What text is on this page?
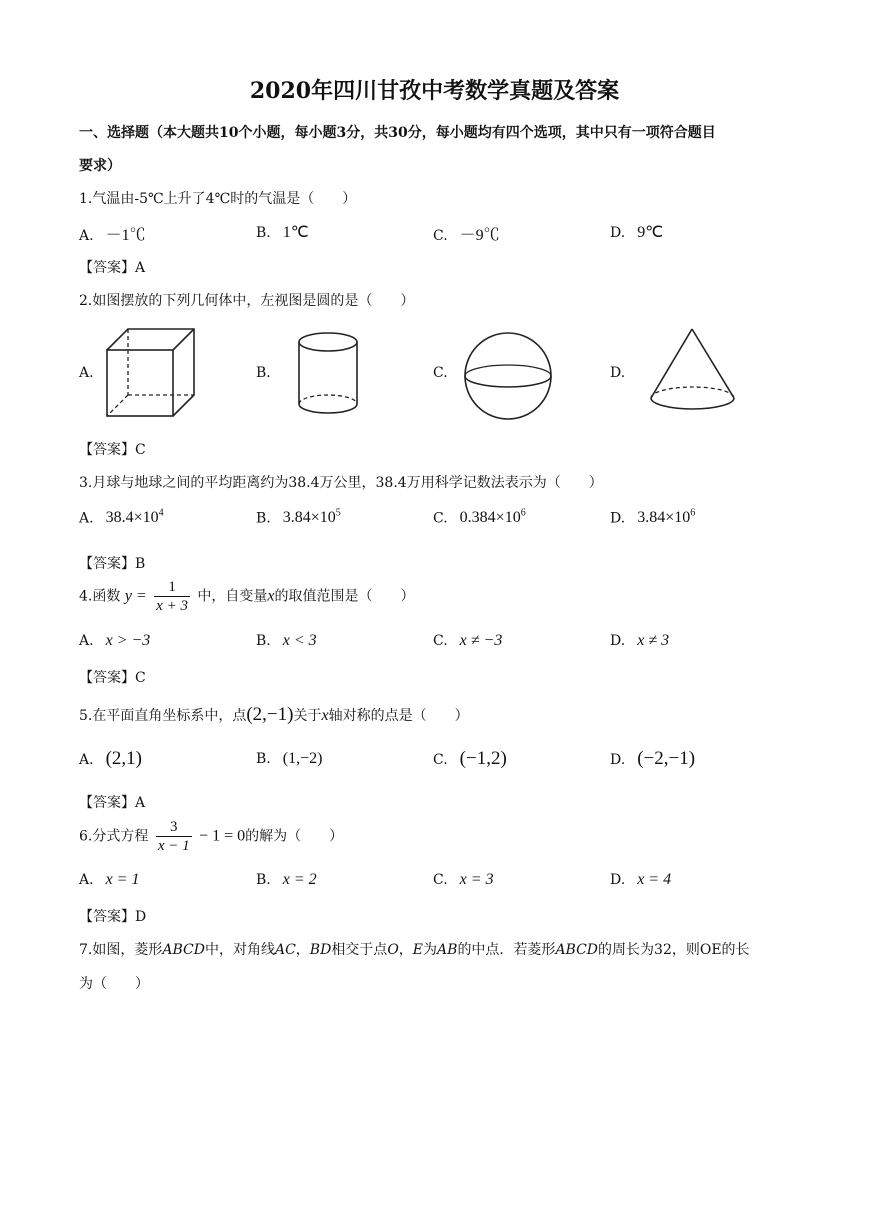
2020年四川甘孜中考数学真题及答案
一、选择题（本大题共10个小题，每小题3分，共30分，每小题均有四个选项，其中只有一项符合题目
要求）
1.气温由-5℃上升了4℃时的气温是（　　）
A. －1℃	B. 1℃	C. －9℃	D. 9℃
【答案】A
2.如图摆放的下列几何体中，左视图是圆的是（　　）
A.	B.	C.	D.
【答案】C
3.月球与地球之间的平均距离约为38.4万公里，38.4万用科学记数法表示为（　　）
A. $38.4\times 10^4$	B. $3.84\times 10^5$	C. $0.384\times 10^6$	D. $3.84\times 10^6$
【答案】B
4.函数 $y = \frac{1}{x + 3}$ 中，自变量x的取值范围是（　　）
A. x > −3	B. x < 3	C. x ≠ −3	D. x ≠ 3
【答案】C
5.在平面直角坐标系中，点(2,−1)关于x轴对称的点是（　　）
A. (2,1)	B. (1,−2)	C. (−1,2)	D. (−2,−1)
【答案】A
6.分式方程 $\frac{3}{x - 1} - 1 = 0$的解为（　　）
A. x = 1	B. x = 2	C. x = 3	D. x = 4
【答案】D
7.如图，菱形ABCD中，对角线AC，BD相交于点O，E为AB的中点．若菱形ABCD的周长为32，则OE的长
为（　　）
